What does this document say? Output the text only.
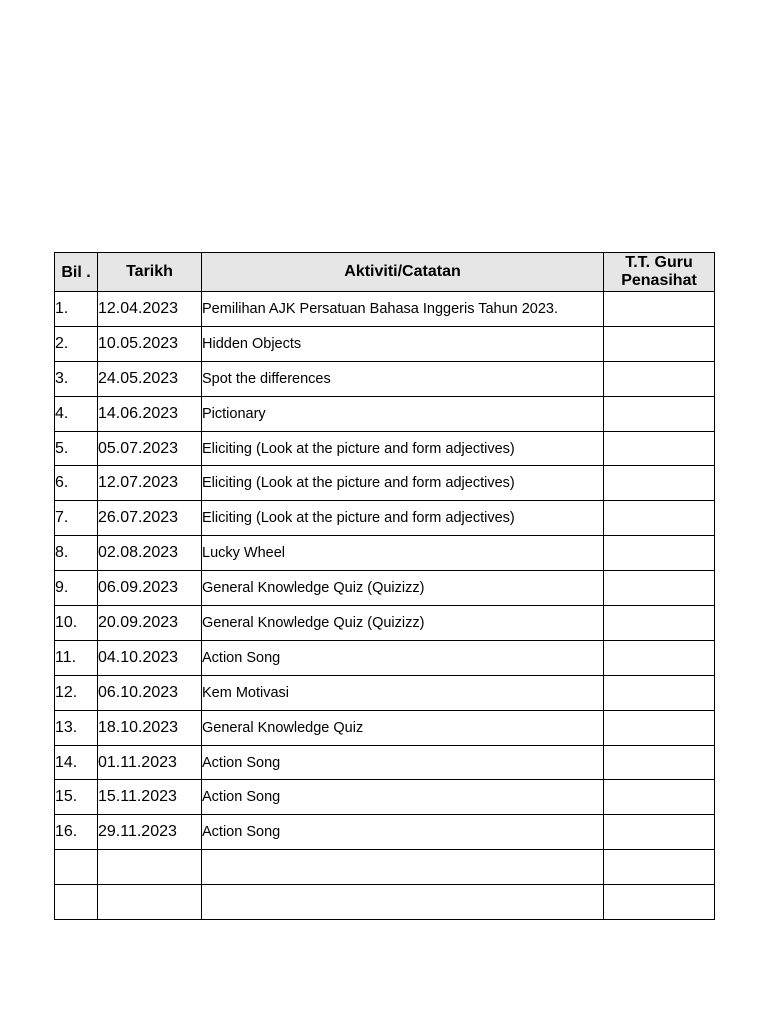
Bil .	Tarikh	Aktiviti/Catatan	T.T. Guru Penasihat
1.	12.04.2023	Pemilihan AJK Persatuan Bahasa Inggeris Tahun 2023.	
2.	10.05.2023	Hidden Objects	
3.	24.05.2023	Spot the differences	
4.	14.06.2023	Pictionary	
5.	05.07.2023	Eliciting (Look at the picture and form adjectives)	
6.	12.07.2023	Eliciting (Look at the picture and form adjectives)	
7.	26.07.2023	Eliciting (Look at the picture and form adjectives)	
8.	02.08.2023	Lucky Wheel	
9.	06.09.2023	General Knowledge Quiz (Quizizz)	
10.	20.09.2023	General Knowledge Quiz (Quizizz)	
11.	04.10.2023	Action Song	
12.	06.10.2023	Kem Motivasi	
13.	18.10.2023	General Knowledge Quiz	
14.	01.11.2023	Action Song	
15.	15.11.2023	Action Song	
16.	29.11.2023	Action Song	
